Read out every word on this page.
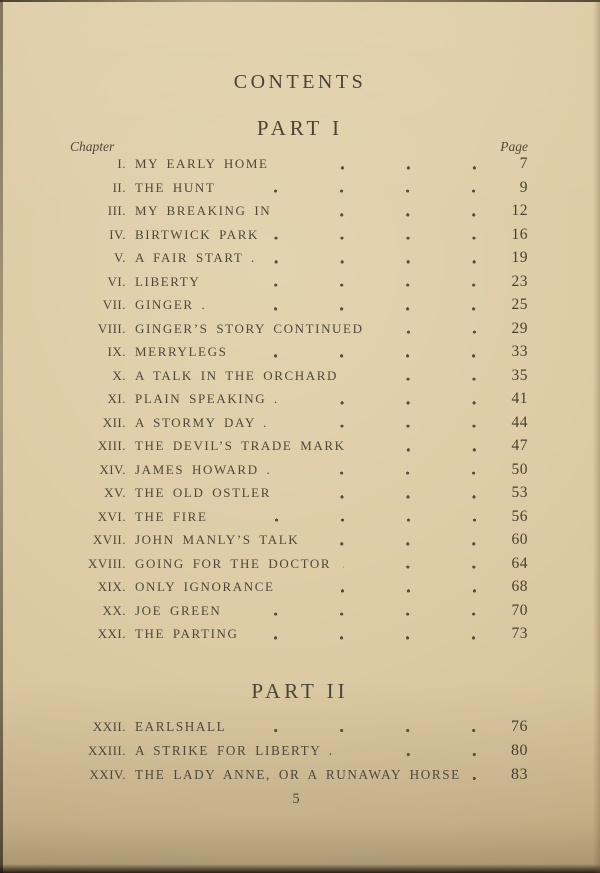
CONTENTS
PART I
Chapter	Page
I. MY EARLY HOME	7
II. THE HUNT	9
III. MY BREAKING IN	12
IV. BIRTWICK PARK	16
V. A FAIR START .	19
VI. LIBERTY	23
VII. GINGER .	25
VIII. GINGER’S STORY CONTINUED	29
IX. MERRYLEGS	33
X. A TALK IN THE ORCHARD	35
XI. PLAIN SPEAKING .	41
XII. A STORMY DAY .	44
XIII. THE DEVIL’S TRADE MARK	47
XIV. JAMES HOWARD .	50
XV. THE OLD OSTLER	53
XVI. THE FIRE	56
XVII. JOHN MANLY’S TALK	60
XVIII. GOING FOR THE DOCTOR	64
XIX. ONLY IGNORANCE	68
XX. JOE GREEN	70
XXI. THE PARTING	73
PART II
XXII. EARLSHALL	76
XXIII. A STRIKE FOR LIBERTY .	80
XXIV. THE LADY ANNE, OR A RUNAWAY HORSE	83
5
